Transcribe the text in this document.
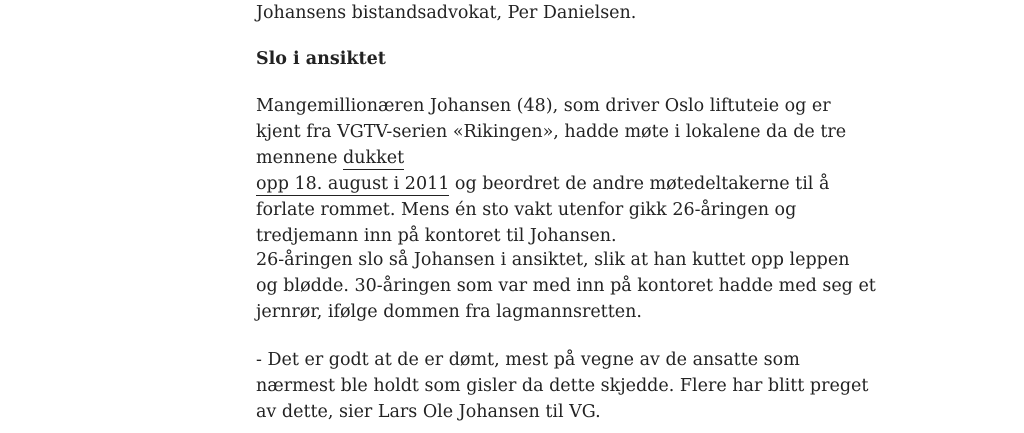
Johansens bistandsadvokat, Per Danielsen.

Slo i ansiktet

Mangemillionæren Johansen (48), som driver Oslo liftuteie og er kjent fra VGTV-serien «Rikingen», hadde møte i lokalene da de tre mennene dukket
opp 18. august i 2011 og beordret de andre møtedeltakerne til å forlate rommet. Mens én sto vakt utenfor gikk 26-åringen og tredjemann inn på kontoret til Johansen.

26-åringen slo så Johansen i ansiktet, slik at han kuttet opp leppen og blødde. 30-åringen som var med inn på kontoret hadde med seg et jernrør, ifølge dommen fra lagmannsretten.

- Det er godt at de er dømt, mest på vegne av de ansatte som nærmest ble holdt som gisler da dette skjedde. Flere har blitt preget av dette, sier Lars Ole Johansen til VG.
